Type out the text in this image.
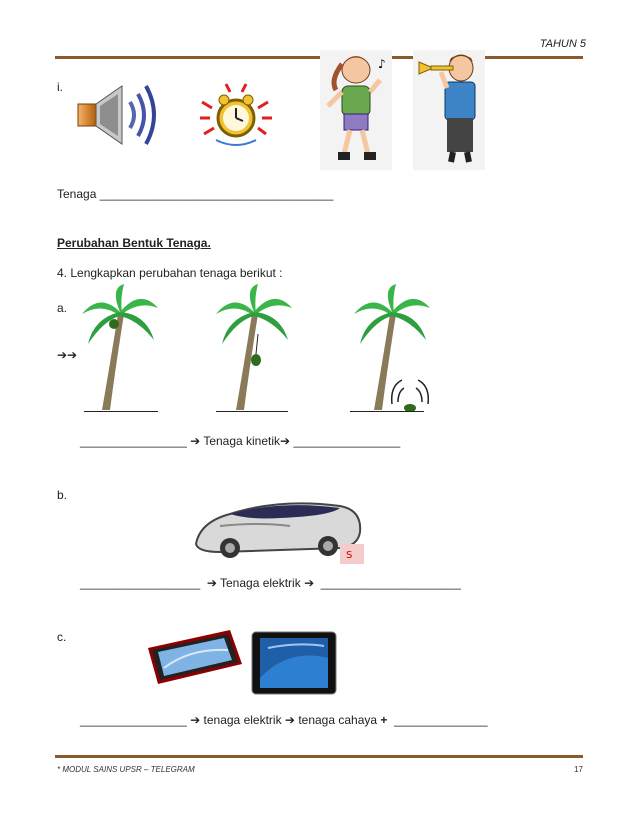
TAHUN 5
i.
♪
Tenaga ___________________________________
Perubahan Bentuk Tenaga.
4. Lengkapkan perubahan tenaga berikut :
a.
➔➔
________________ ➔ Tenaga kinetik➔ ________________
b.
S
__________________ ➔ Tenaga elektrik ➔ _____________________
c.
________________ ➔ tenaga elektrik ➔ tenaga cahaya + ______________
* MODUL SAINS UPSR – TELEGRAM	17
